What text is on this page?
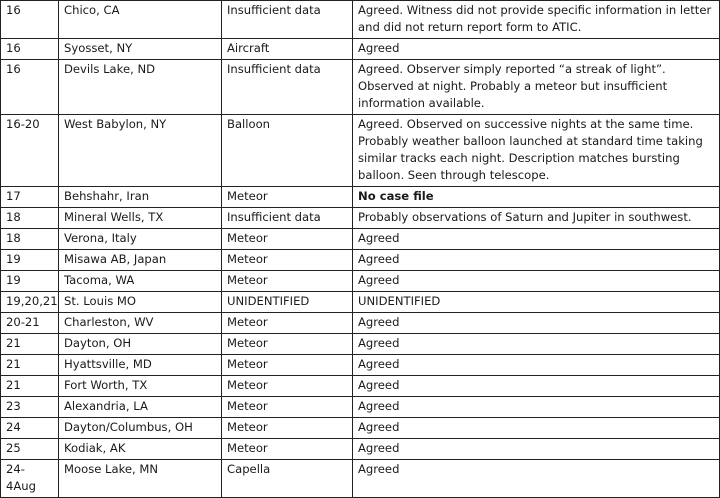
16	Chico, CA	Insufficient data	Agreed. Witness did not provide specific information in letter and did not return report form to ATIC.
16	Syosset, NY	Aircraft	Agreed
16	Devils Lake, ND	Insufficient data	Agreed. Observer simply reported “a streak of light”. Observed at night. Probably a meteor but insufficient information available.
16-20	West Babylon, NY	Balloon	Agreed. Observed on successive nights at the same time. Probably weather balloon launched at standard time taking similar tracks each night. Description matches bursting balloon. Seen through telescope.
17	Behshahr, Iran	Meteor	No case file
18	Mineral Wells, TX	Insufficient data	Probably observations of Saturn and Jupiter in southwest.
18	Verona, Italy	Meteor	Agreed
19	Misawa AB, Japan	Meteor	Agreed
19	Tacoma, WA	Meteor	Agreed
19,20,21	St. Louis MO	UNIDENTIFIED	UNIDENTIFIED
20-21	Charleston, WV	Meteor	Agreed
21	Dayton, OH	Meteor	Agreed
21	Hyattsville, MD	Meteor	Agreed
21	Fort Worth, TX	Meteor	Agreed
23	Alexandria, LA	Meteor	Agreed
24	Dayton/Columbus, OH	Meteor	Agreed
25	Kodiak, AK	Meteor	Agreed
24-4Aug	Moose Lake, MN	Capella	Agreed
